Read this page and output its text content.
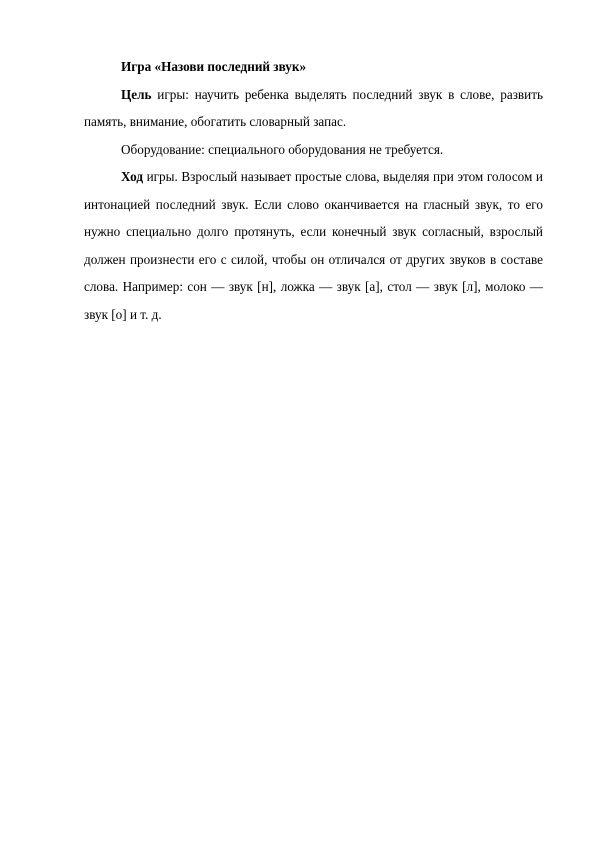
Игра «Назови последний звук»

Цель игры: научить ребенка выделять последний звук в слове, развить память, внимание, обогатить словарный запас.

Оборудование: специального оборудования не требуется.

Ход игры. Взрослый называет простые слова, выделяя при этом голосом и интонацией последний звук. Если слово оканчивается на гласный звук, то его нужно специально долго протянуть, если конечный звук согласный, взрослый должен произнести его с силой, чтобы он отличался от других звуков в составе слова. Например: сон — звук [н], ложка — звук [а], стол — звук [л], молоко — звук [о] и т. д.
